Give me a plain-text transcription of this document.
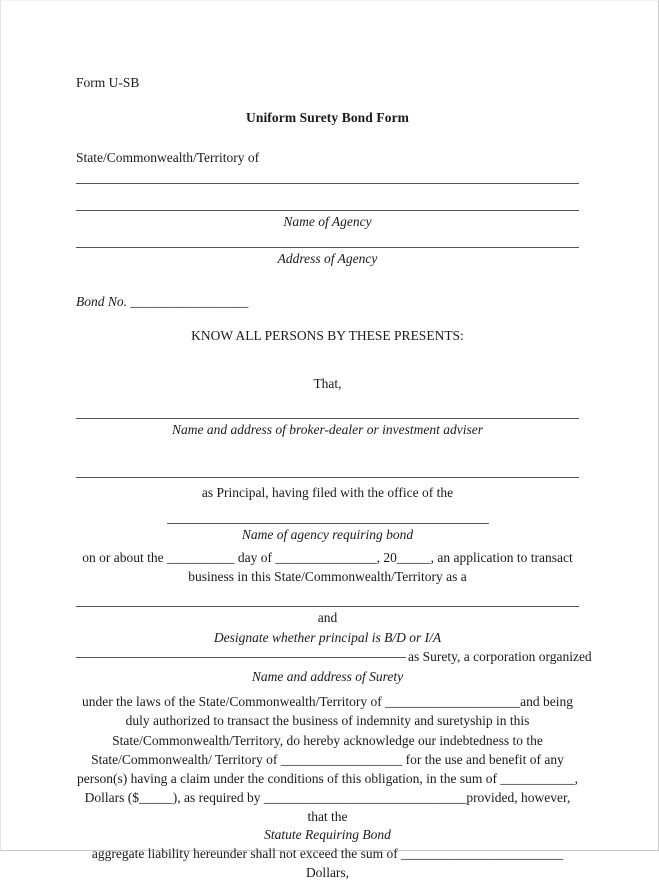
Form U-SB
Uniform Surety Bond Form
State/Commonwealth/Territory of
Name of Agency
Address of Agency
Bond No. _________________
KNOW ALL PERSONS BY THESE PRESENTS:
That,
Name and address of broker-dealer or investment adviser
as Principal, having filed with the office of the
Name of agency requiring bond
on or about the __________ day of _______________, 20_____, an application to transact
business in this State/Commonwealth/Territory as a
and
Designate whether principal is B/D or I/A
as Surety, a corporation organized
Name and address of Surety
under the laws of the State/Commonwealth/Territory of ____________________and being
duly authorized to transact the business of indemnity and suretyship in this
State/Commonwealth/Territory, do hereby acknowledge our indebtedness to the
State/Commonwealth/ Territory of __________________ for the use and benefit of any
person(s) having a claim under the conditions of this obligation, in the sum of ___________,
Dollars ($_____), as required by ______________________________provided, however, that the
Statute Requiring Bond
aggregate liability hereunder shall not exceed the sum of ________________________ Dollars,
